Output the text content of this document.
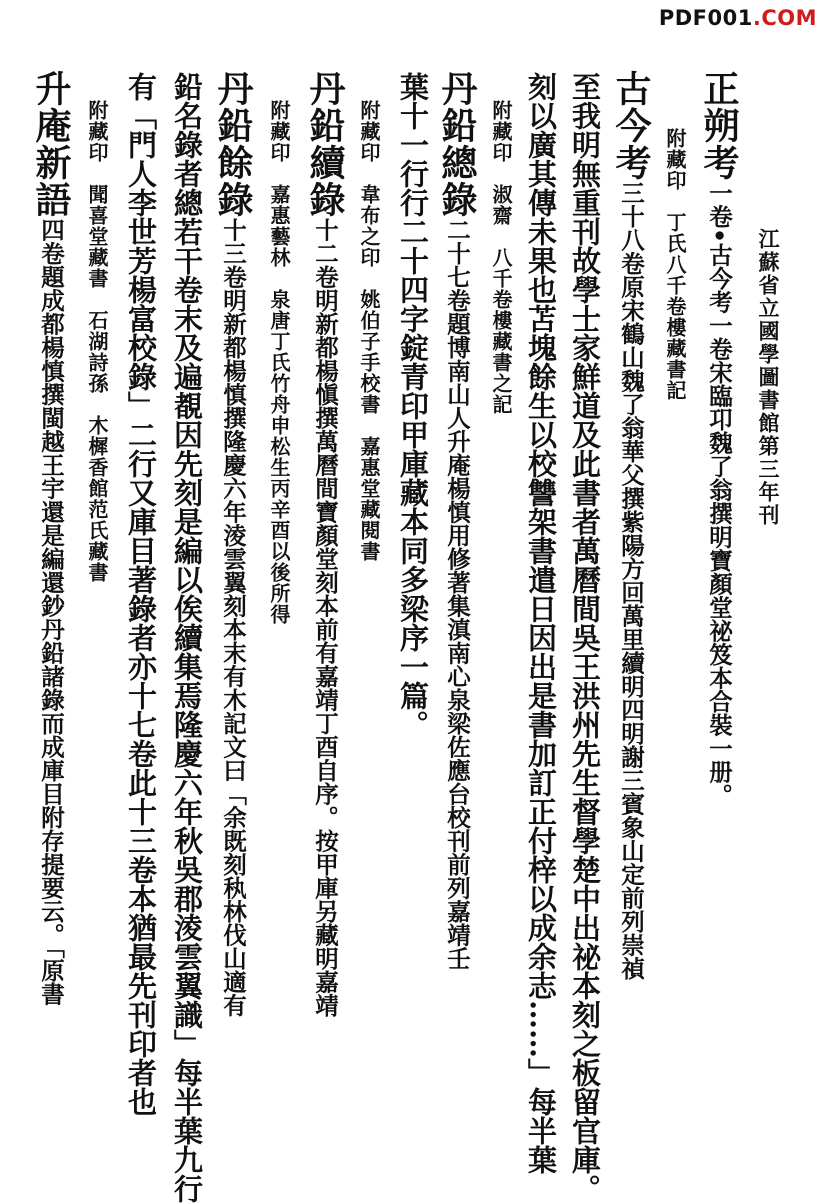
PDF001.COM
江蘇省立國學圖書館第三年刊
正朔考一卷•古今考一卷宋臨卭魏了翁撰明寶顏堂祕笈本合裝一册。
附藏印　丁氏八千卷樓藏書記
古今考三十八卷原宋鶴山魏了翁華父撰紫陽方回萬里續明四明謝三賓象山定前列崇禎
至我明無重刊故學士家鮮道及此書者萬曆間吳王洪州先生督學楚中出祕本刻之板留官庫。
刻以廣其傳未果也苫塊餘生以校讐架書遣日因出是書加訂正付梓以成余志……」每半葉
附藏印　淑齋　八千卷樓藏書之記
丹鉛總錄二十七卷題博南山人升庵楊慎用修著集滇南心泉梁佐應台校刊前列嘉靖壬
葉十一行行二十四字錠青印甲庫藏本同多梁序一篇。
附藏印　韋布之印　姚伯子手校書　嘉惠堂藏閱書
丹鉛續錄十二卷明新都楊愼撰萬曆間寶顏堂刻本前有嘉靖丁酉自序。按甲庫另藏明嘉靖
附藏印　嘉惠藝林　泉唐丁氏竹舟申松生丙辛酉以後所得
丹鉛餘錄十三卷明新都楊慎撰隆慶六年淩雲翼刻本末有木記文曰「余既刻秇林伐山適有
鉛名錄者總若干卷末及遍覩因先刻是編以俟續集焉隆慶六年秋吳郡淩雲翼識」每半葉九行
有「門人李世芳楊富校錄」二行又庫目著錄者亦十七卷此十三卷本猶最先刊印者也
附藏印　聞喜堂藏書　石湖詩孫　木樨香館范氏藏書
升庵新語四卷題成都楊慎撰閩越王宇還是編還鈔丹鉛諸錄而成庫目附存提要云。「原書
